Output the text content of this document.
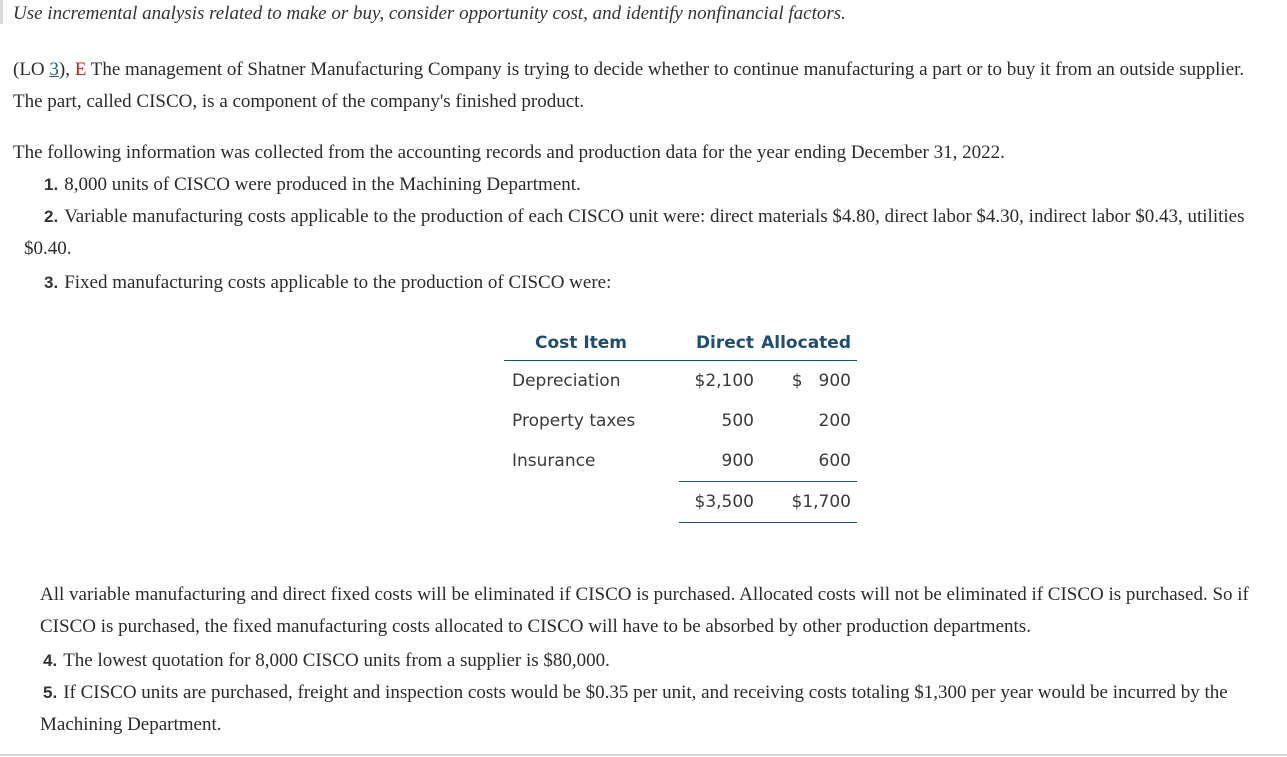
Use incremental analysis related to make or buy, consider opportunity cost, and identify nonfinancial factors.
(LO 3), E The management of Shatner Manufacturing Company is trying to decide whether to continue manufacturing a part or to buy it from an outside supplier. The part, called CISCO, is a component of the company's finished product.
The following information was collected from the accounting records and production data for the year ending December 31, 2022.
1. 8,000 units of CISCO were produced in the Machining Department.
2. Variable manufacturing costs applicable to the production of each CISCO unit were: direct materials $4.80, direct labor $4.30, indirect labor $0.43, utilities $0.40.
3. Fixed manufacturing costs applicable to the production of CISCO were:
Cost Item	Direct	Allocated
Depreciation	$2,100	$ 900
Property taxes	500	200
Insurance	900	600
	$3,500	$1,700
All variable manufacturing and direct fixed costs will be eliminated if CISCO is purchased. Allocated costs will not be eliminated if CISCO is purchased. So if CISCO is purchased, the fixed manufacturing costs allocated to CISCO will have to be absorbed by other production departments.
4. The lowest quotation for 8,000 CISCO units from a supplier is $80,000.
5. If CISCO units are purchased, freight and inspection costs would be $0.35 per unit, and receiving costs totaling $1,300 per year would be incurred by the Machining Department.
